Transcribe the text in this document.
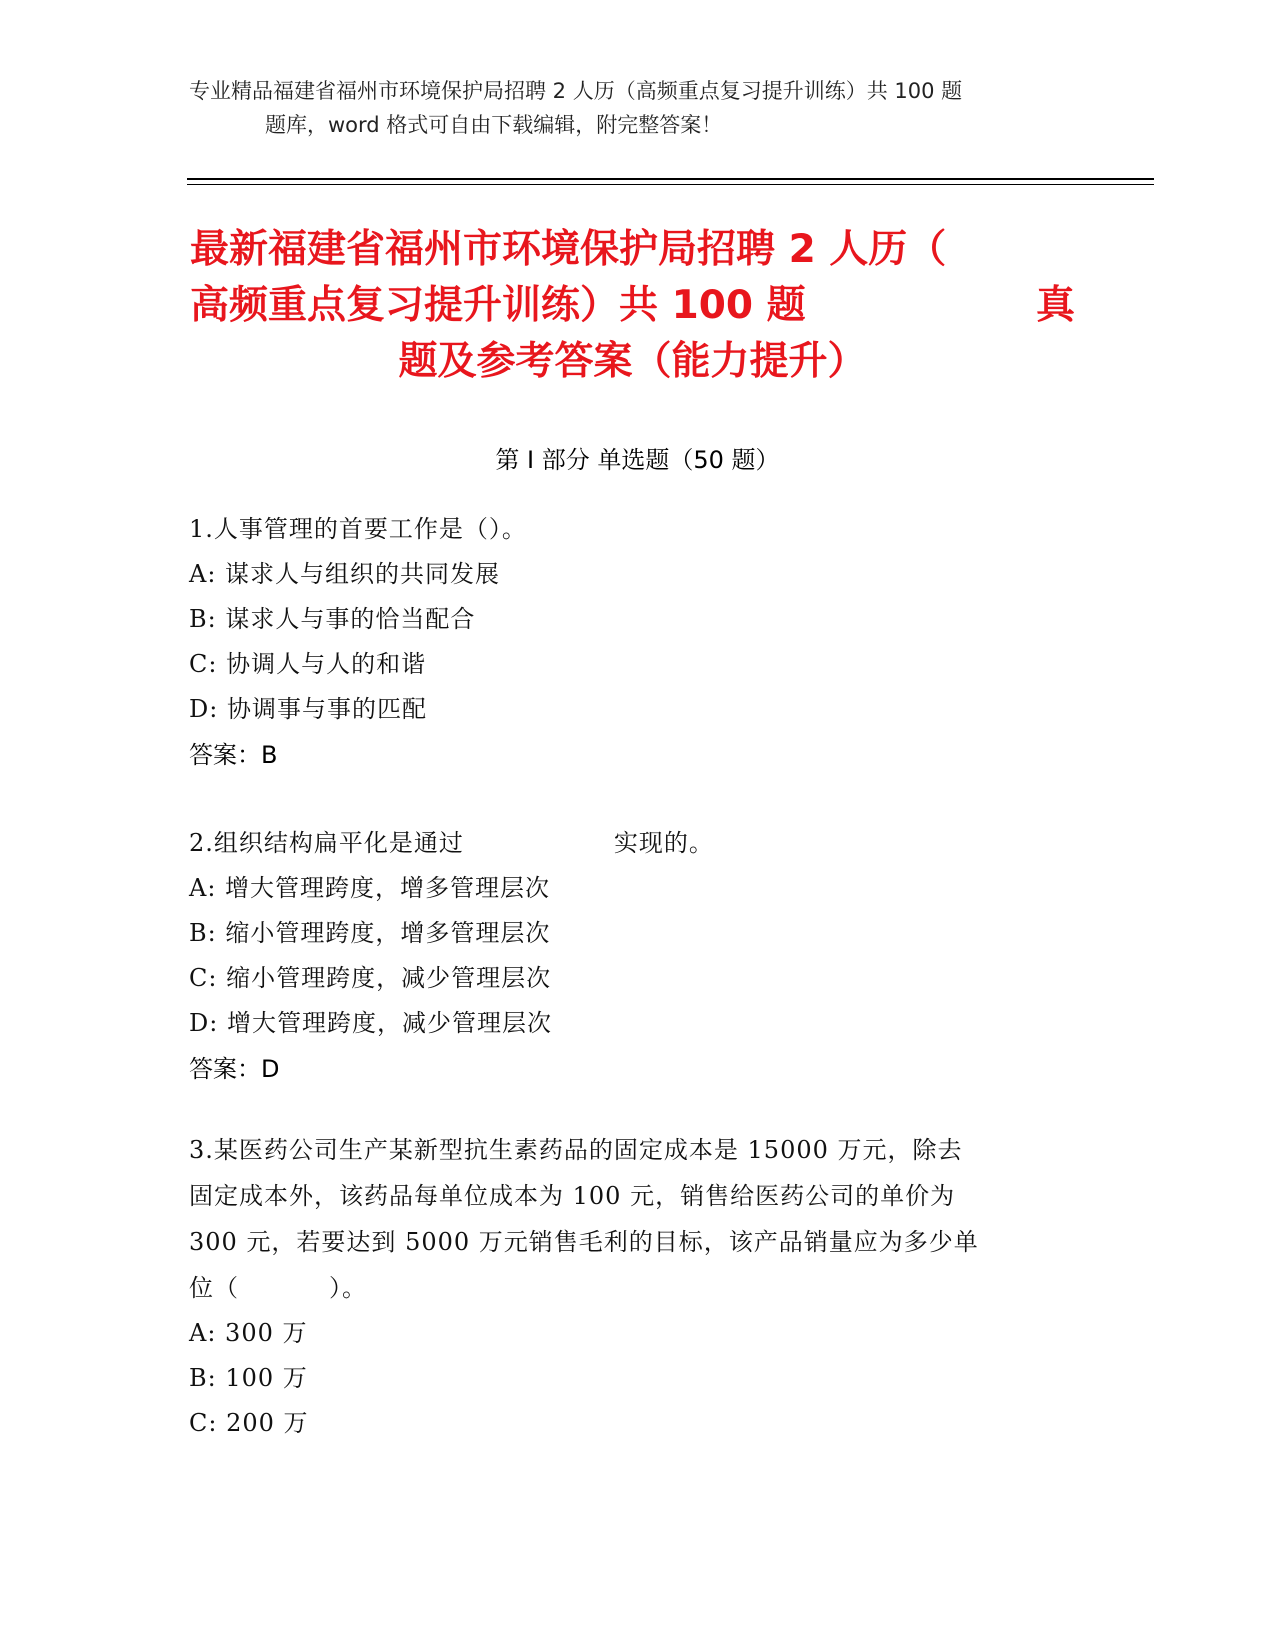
专业精品福建省福州市环境保护局招聘 2 人历（高频重点复习提升训练）共 100 题
题库，word 格式可自由下载编辑，附完整答案！
最新福建省福州市环境保护局招聘 2 人历（
高频重点复习提升训练）共 100 题	真
题及参考答案（能力提升）
第 I 部分 单选题（50 题）
1.人事管理的首要工作是（）。
A: 谋求人与组织的共同发展
B: 谋求人与事的恰当配合
C: 协调人与人的和谐
D: 协调事与事的匹配
答案：B
2.组织结构扁平化是通过	实现的。
A: 增大管理跨度，增多管理层次
B: 缩小管理跨度，增多管理层次
C: 缩小管理跨度，减少管理层次
D: 增大管理跨度，减少管理层次
答案：D
3.某医药公司生产某新型抗生素药品的固定成本是 15000 万元，除去
固定成本外，该药品每单位成本为 100 元，销售给医药公司的单价为
300 元，若要达到 5000 万元销售毛利的目标，该产品销量应为多少单
位（	）。
A: 300 万
B: 100 万
C: 200 万
